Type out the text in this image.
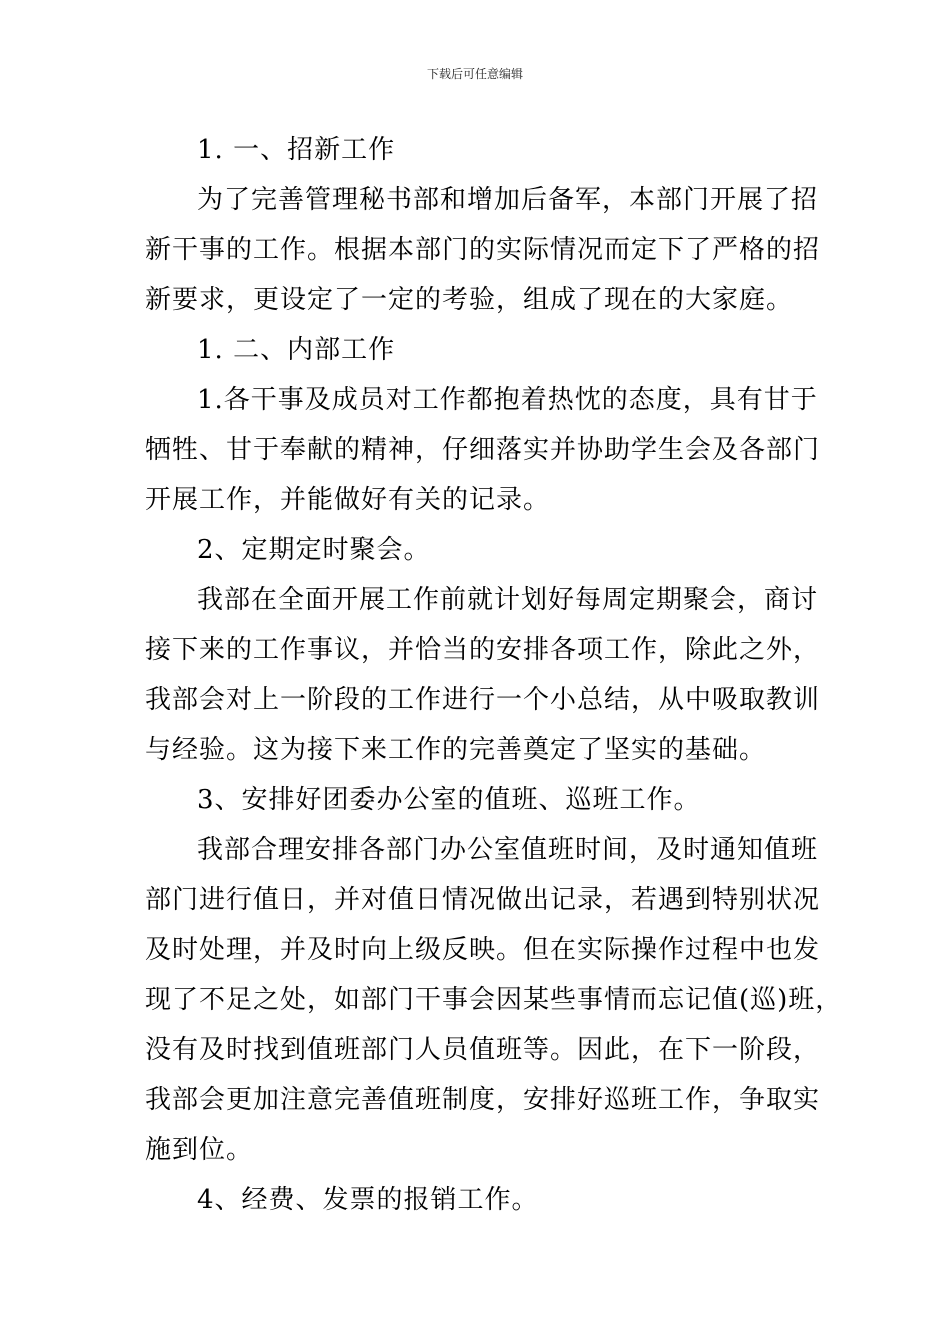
下载后可任意编辑
1. 一、招新工作
为了完善管理秘书部和增加后备军，本部门开展了招
新干事的工作。根据本部门的实际情况而定下了严格的招
新要求，更设定了一定的考验，组成了现在的大家庭。
1. 二、内部工作
1.各干事及成员对工作都抱着热忱的态度，具有甘于
牺牲、甘于奉献的精神，仔细落实并协助学生会及各部门
开展工作，并能做好有关的记录。
2、定期定时聚会。
我部在全面开展工作前就计划好每周定期聚会，商讨
接下来的工作事议，并恰当的安排各项工作，除此之外，
我部会对上一阶段的工作进行一个小总结，从中吸取教训
与经验。这为接下来工作的完善奠定了坚实的基础。
3、安排好团委办公室的值班、巡班工作。
我部合理安排各部门办公室值班时间，及时通知值班
部门进行值日，并对值日情况做出记录，若遇到特别状况
及时处理，并及时向上级反映。但在实际操作过程中也发
现了不足之处，如部门干事会因某些事情而忘记值(巡)班，
没有及时找到值班部门人员值班等。因此，在下一阶段，
我部会更加注意完善值班制度，安排好巡班工作，争取实
施到位。
4、经费、发票的报销工作。
